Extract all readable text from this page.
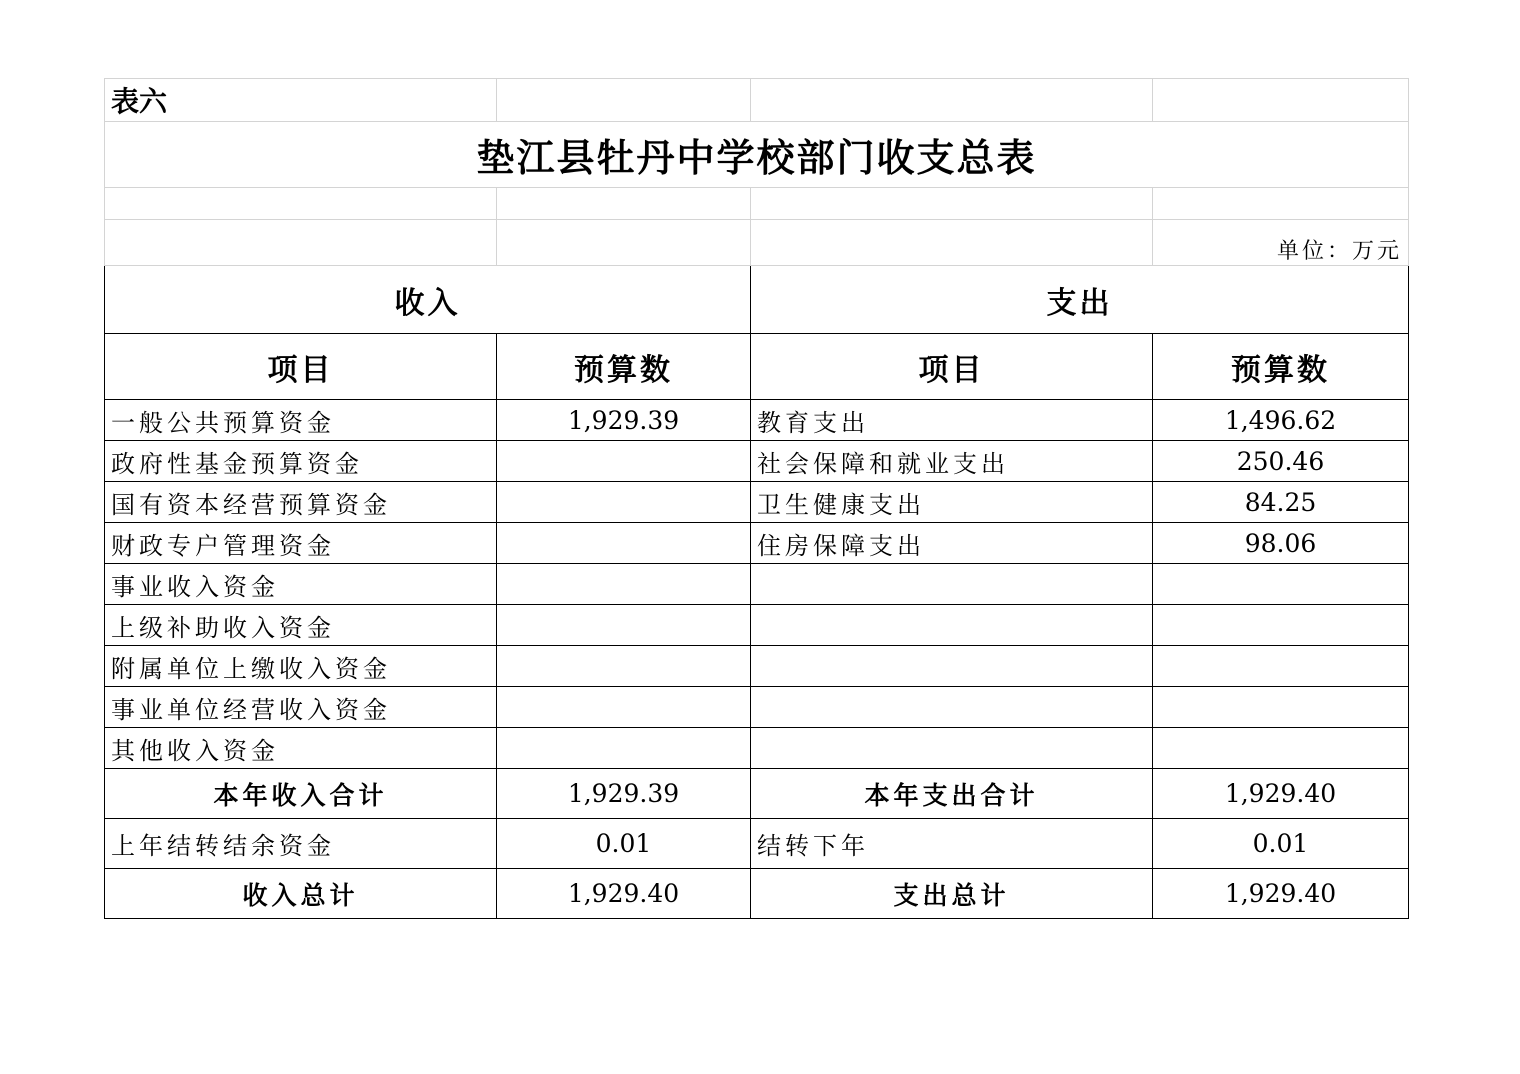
表六			
垫江县牡丹中学校部门收支总表			

			单位：万元
收入		支出	
项目	预算数	项目	预算数
一般公共预算资金	1,929.39	教育支出	1,496.62
政府性基金预算资金		社会保障和就业支出	250.46
国有资本经营预算资金		卫生健康支出	84.25
财政专户管理资金		住房保障支出	98.06
事业收入资金			
上级补助收入资金			
附属单位上缴收入资金			
事业单位经营收入资金			
其他收入资金			
本年收入合计	1,929.39	本年支出合计	1,929.40
上年结转结余资金	0.01	结转下年	0.01
收入总计	1,929.40	支出总计	1,929.40
